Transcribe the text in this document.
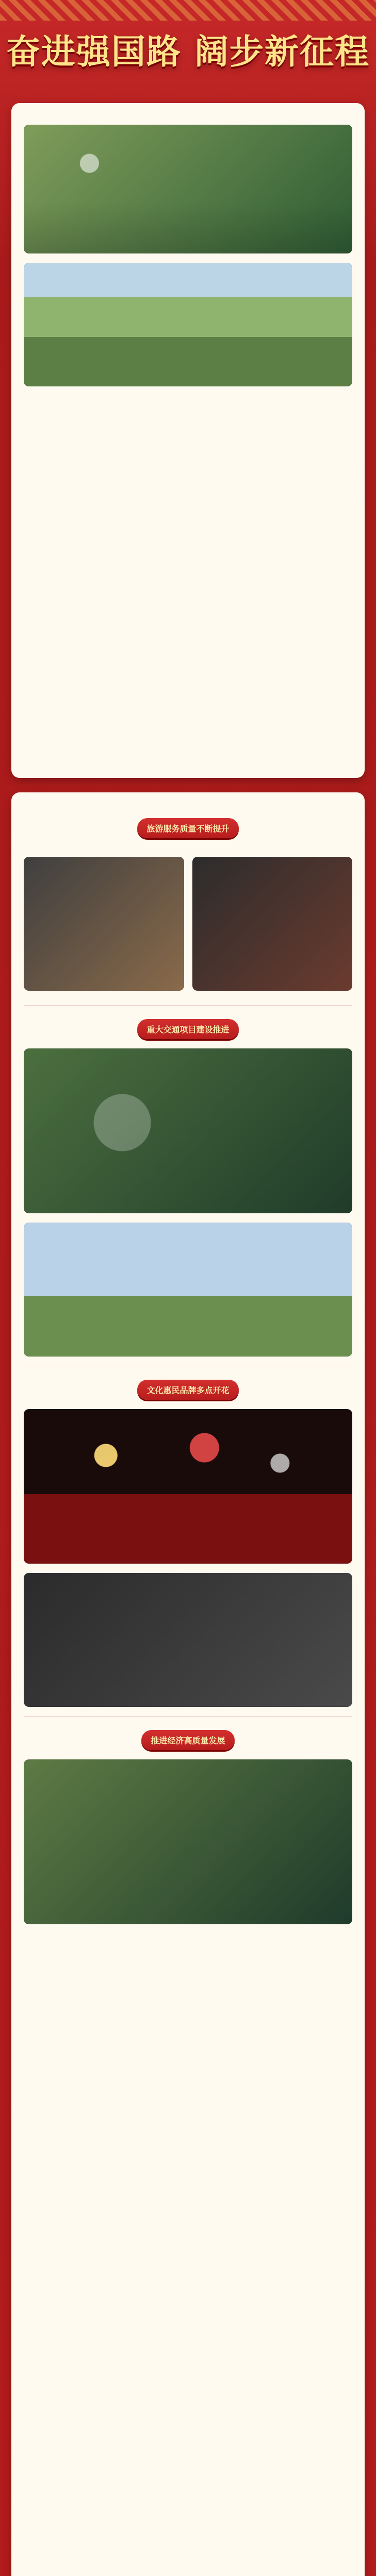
奋进强国路 阔步新征程

旅游服务质量不断提升

重大交通项目建设推进

文化惠民品牌多点开花

推进经济高质量发展
